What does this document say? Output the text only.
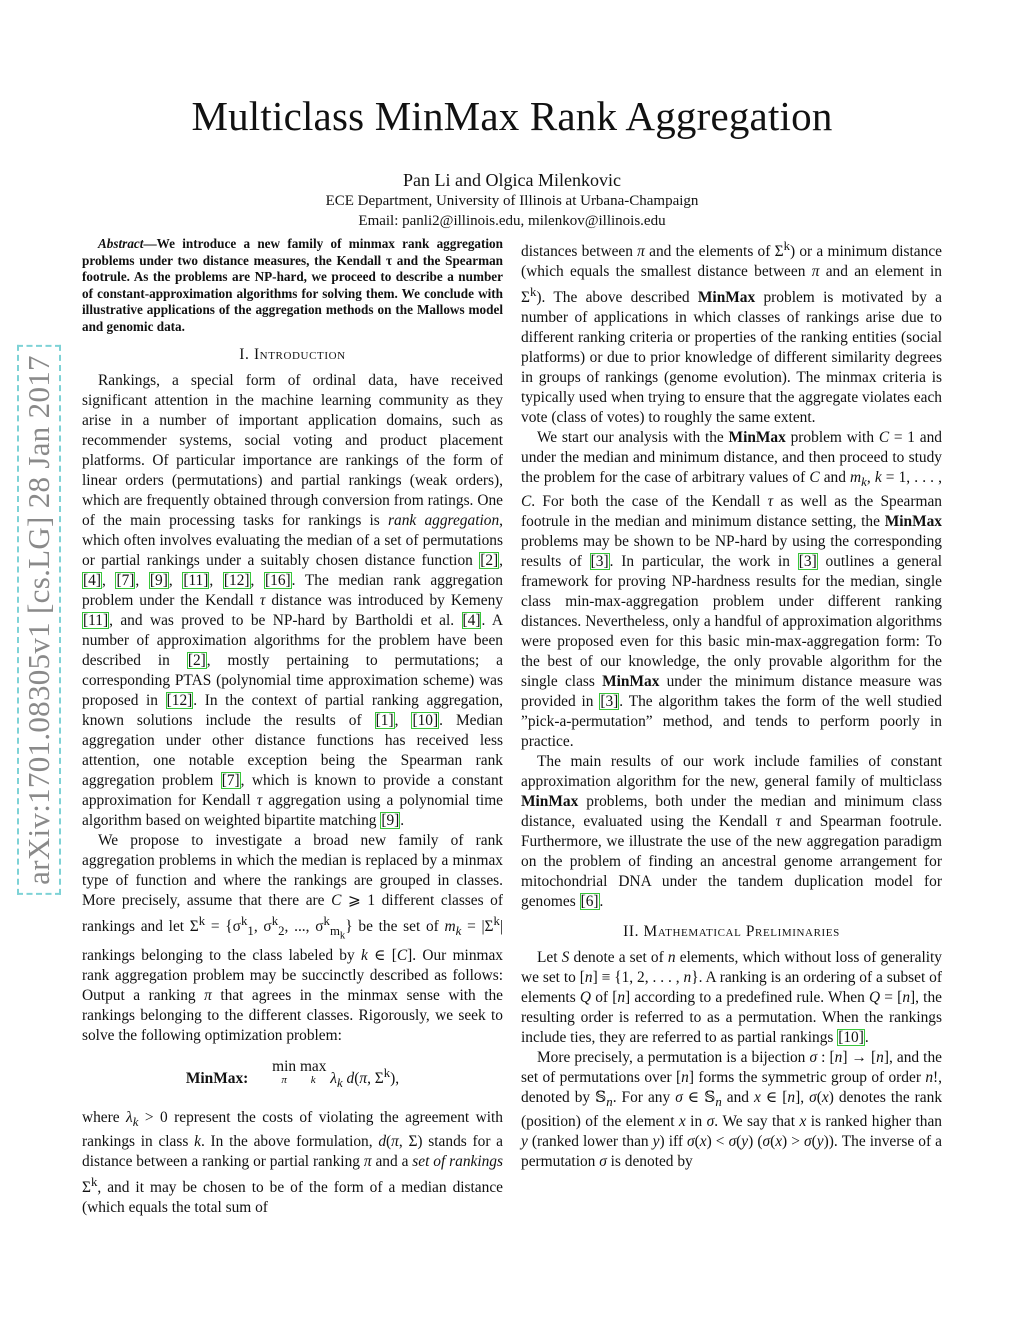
arXiv:1701.08305v1 [cs.LG] 28 Jan 2017
Multiclass MinMax Rank Aggregation
Pan Li and Olgica Milenkovic
ECE Department, University of Illinois at Urbana-Champaign
Email: panli2@illinois.edu, milenkov@illinois.edu

Abstract—We introduce a new family of minmax rank aggregation problems under two distance measures, the Kendall τ and the Spearman footrule. As the problems are NP-hard, we proceed to describe a number of constant-approximation algorithms for solving them. We conclude with illustrative applications of the aggregation methods on the Mallows model and genomic data.

I. Introduction

Rankings, a special form of ordinal data, have received significant attention in the machine learning community as they arise in a number of important application domains, such as recommender systems, social voting and product placement platforms. Of particular importance are rankings of the form of linear orders (permutations) and partial rankings (weak orders), which are frequently obtained through conversion from ratings. One of the main processing tasks for rankings is rank aggregation, which often involves evaluating the median of a set of permutations or partial rankings under a suitably chosen distance function [2], [4], [7], [9], [11], [12], [16]. The median rank aggregation problem under the Kendall τ distance was introduced by Kemeny [11], and was proved to be NP-hard by Bartholdi et al. [4]. A number of approximation algorithms for the problem have been described in [2], mostly pertaining to permutations; a corresponding PTAS (polynomial time approximation scheme) was proposed in [12]. In the context of partial ranking aggregation, known solutions include the results of [1], [10]. Median aggregation under other distance functions has received less attention, one notable exception being the Spearman rank aggregation problem [7], which is known to provide a constant approximation for Kendall τ aggregation using a polynomial time algorithm based on weighted bipartite matching [9].

We propose to investigate a broad new family of rank aggregation problems in which the median is replaced by a minmax type of function and where the rankings are grouped in classes. More precisely, assume that there are C ⩾ 1 different classes of rankings and let $\Sigma^k = \{\sigma^k_1$, $\sigma^k_2$, ..., $\sigma^k_{m_k}$} be the set of $m_k = |\Sigma^k|$ rankings belonging to the class labeled by k ∈ [C]. Our minmax rank aggregation problem may be succinctly described as follows: Output a ranking π that agrees in the minmax sense with the rankings belonging to the different classes. Rigorously, we seek to solve the following optimization problem:

MinMax: min
π
max
k $\lambda_k$ d(π, $\Sigma^k$),

where $\lambda_k > 0$ represent the costs of violating the agreement with rankings in class k. In the above formulation, d(π, Σ) stands for a distance between a ranking or partial ranking π and a set of rankings $\Sigma^k$, and it may be chosen to be of the form of a median distance (which equals the total sum of

distances between π and the elements of $\Sigma^k$) or a minimum distance (which equals the smallest distance between π and an element in $\Sigma^k$). The above described MinMax problem is motivated by a number of applications in which classes of rankings arise due to different ranking criteria or properties of the ranking entities (social platforms) or due to prior knowledge of different similarity degrees in groups of rankings (genome evolution). The minmax criteria is typically used when trying to ensure that the aggregate violates each vote (class of votes) to roughly the same extent.

We start our analysis with the MinMax problem with C = 1 and under the median and minimum distance, and then proceed to study the problem for the case of arbitrary values of C and $m_k$, k = 1, . . . , C. For both the case of the Kendall τ as well as the Spearman footrule in the median and minimum distance setting, the MinMax problems may be shown to be NP-hard by using the corresponding results of [3]. In particular, the work in [3] outlines a general framework for proving NP-hardness results for the median, single class min-max-aggregation problem under different ranking distances. Nevertheless, only a handful of approximation algorithms were proposed even for this basic min-max-aggregation form: To the best of our knowledge, the only provable algorithm for the single class MinMax under the minimum distance measure was provided in [3]. The algorithm takes the form of the well studied ”pick-a-permutation” method, and tends to perform poorly in practice.

The main results of our work include families of constant approximation algorithm for the new, general family of multiclass MinMax problems, both under the median and minimum class distance, evaluated using the Kendall τ and Spearman footrule. Furthermore, we illustrate the use of the new aggregation paradigm on the problem of finding an ancestral genome arrangement for mitochondrial DNA under the tandem duplication model for genomes [6].

II. Mathematical Preliminaries

Let S denote a set of n elements, which without loss of generality we set to [n] ≡ {1, 2, . . . , n}. A ranking is an ordering of a subset of elements Q of [n] according to a predefined rule. When Q = [n], the resulting order is referred to as a permutation. When the rankings include ties, they are referred to as partial rankings [10].

More precisely, a permutation is a bijection σ : [n] → [n], and the set of permutations over [n] forms the symmetric group of order n!, denoted by 𝕊$_n$. For any σ ∈ 𝕊$_n$ and x ∈ [n], σ(x) denotes the rank (position) of the element x in σ. We say that x is ranked higher than y (ranked lower than y) iff σ(x) < σ(y) (σ(x) > σ(y)). The inverse of a permutation σ is denoted by
